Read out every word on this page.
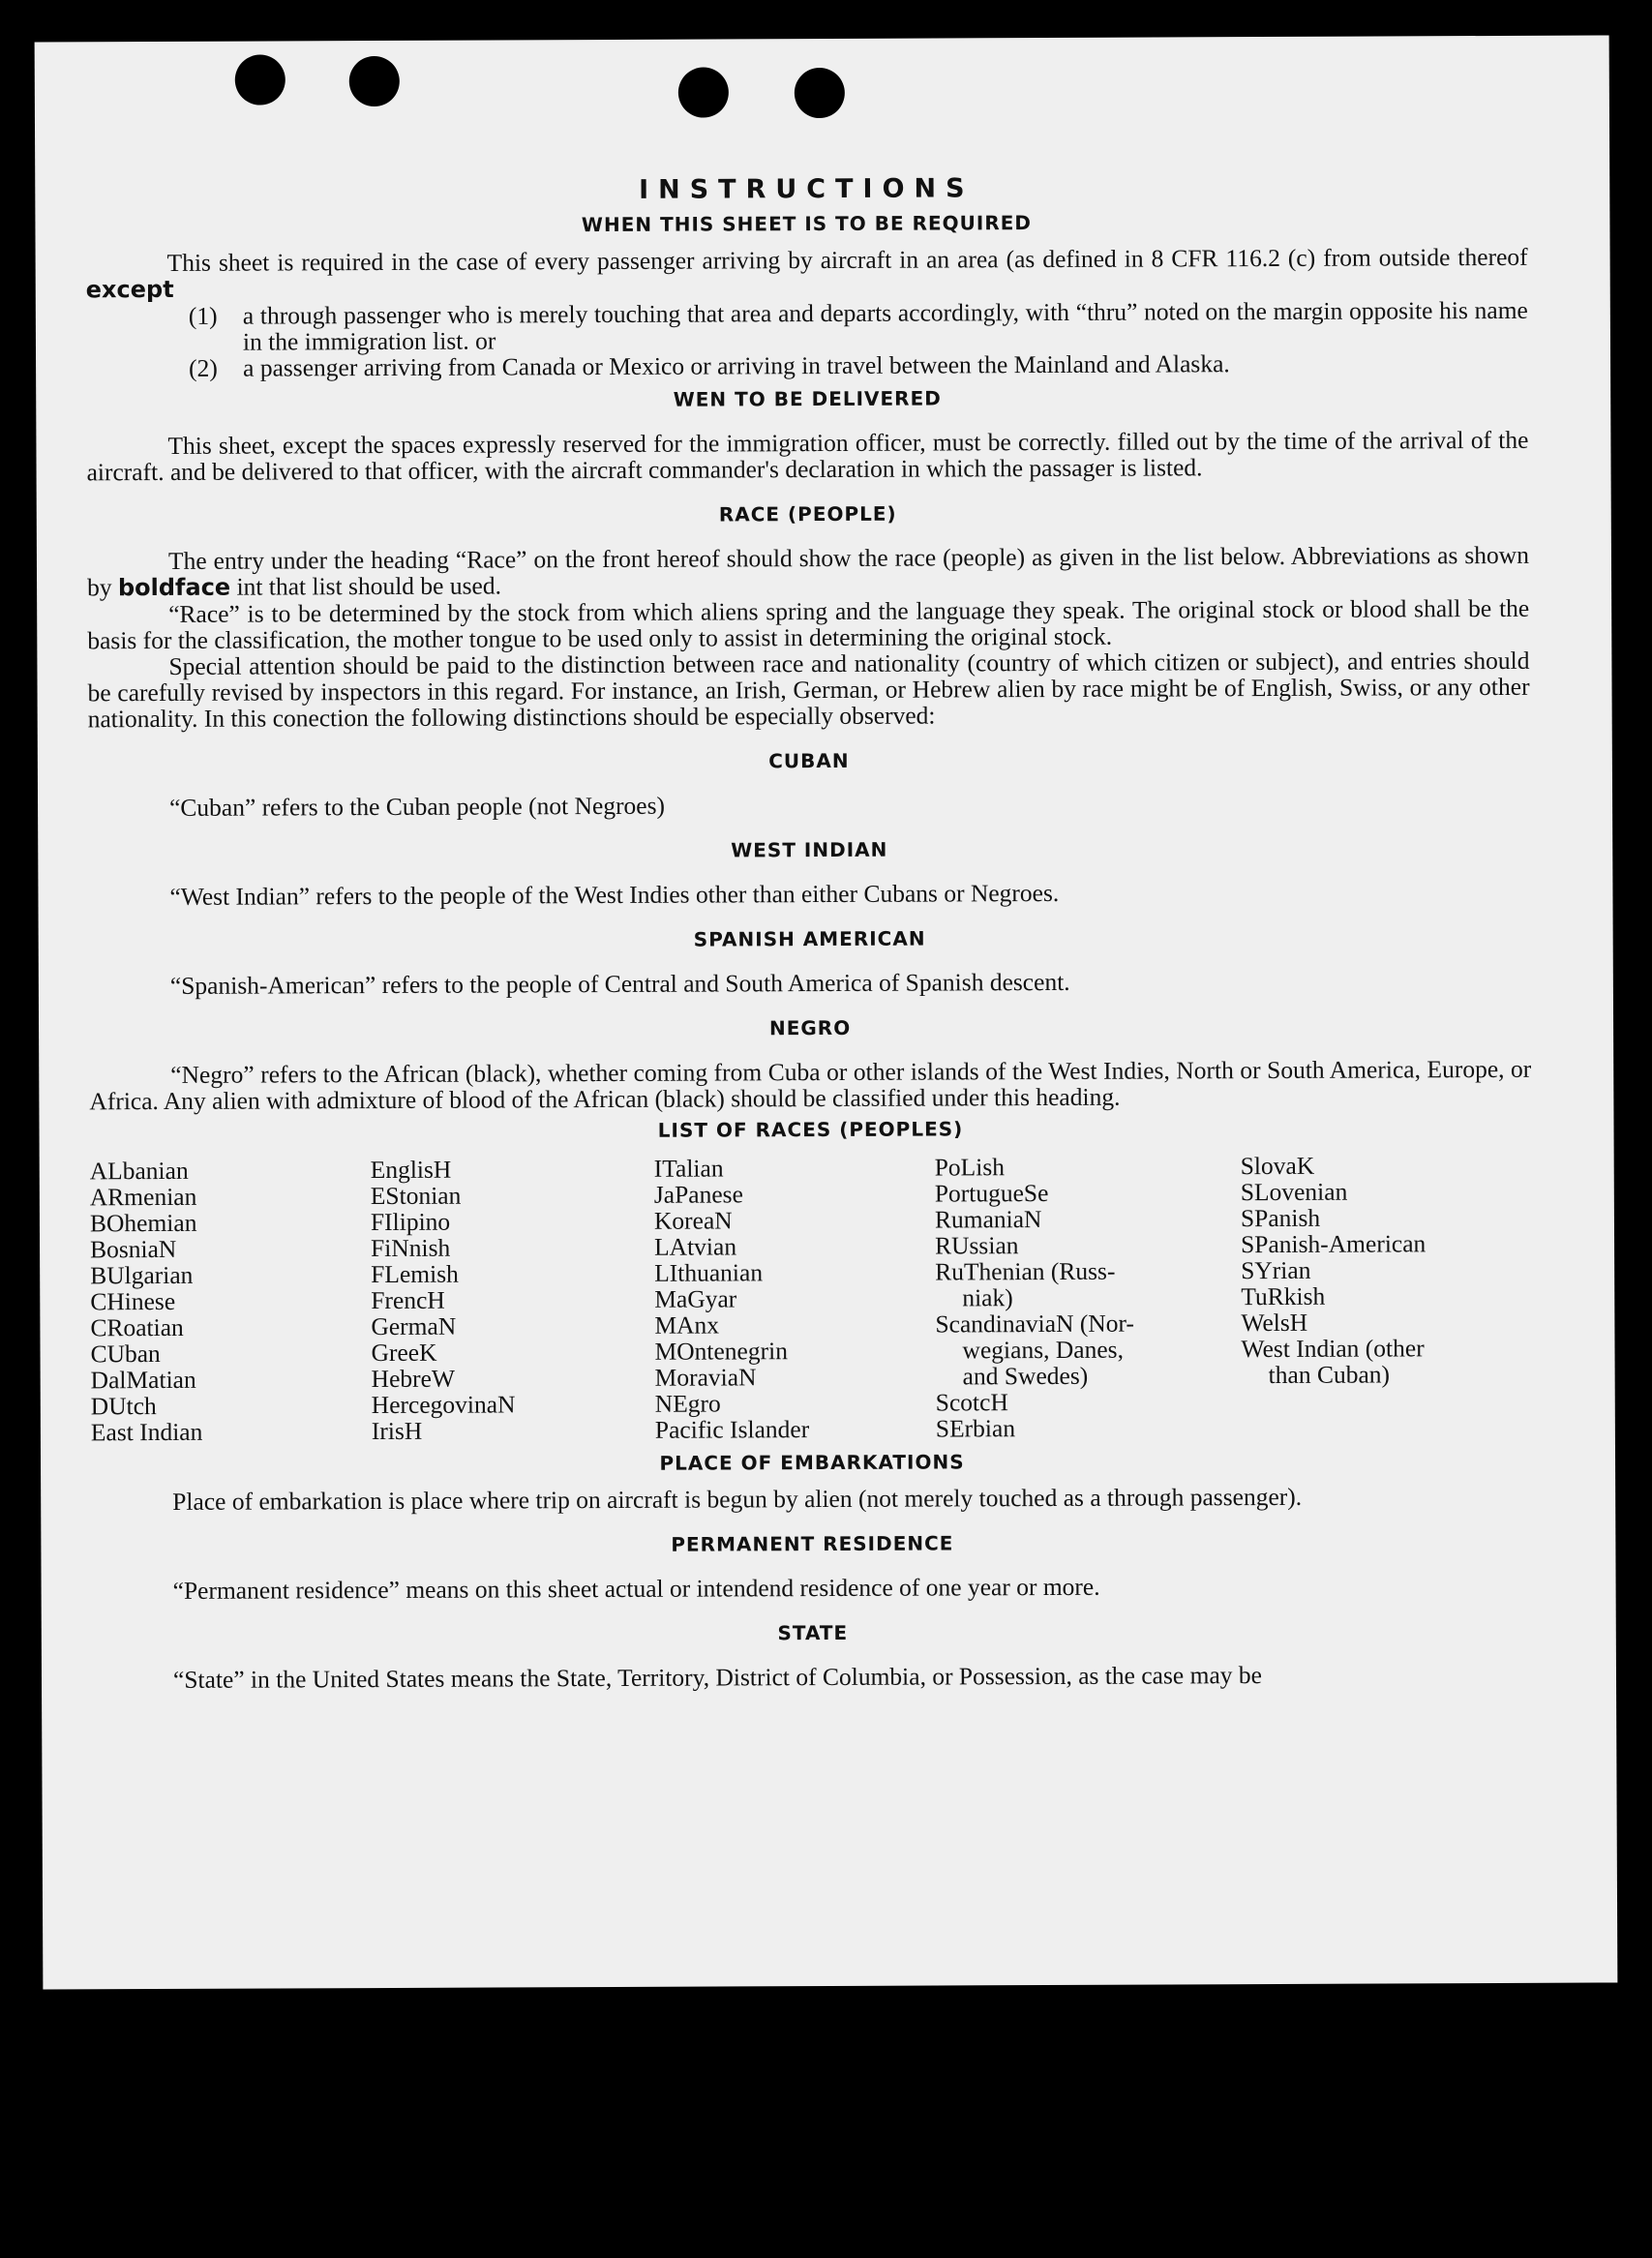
INSTRUCTIONS
WHEN THIS SHEET IS TO BE REQUIRED

This sheet is required in the case of every passenger arriving by aircraft in an area (as defined in 8 CFR 116.2 (c) from outside thereof except

(1)	a through passenger who is merely touching that area and departs accordingly, with “thru” noted on the margin opposite his name in the immigration list. or
(2)	a passenger arriving from Canada or Mexico or arriving in travel between the Mainland and Alaska.
WEN TO BE DELIVERED

This sheet, except the spaces expressly reserved for the immigration officer, must be correctly. filled out by the time of the arrival of the aircraft. and be delivered to that officer, with the aircraft commander's declaration in which the passager is listed.

RACE (PEOPLE)

The entry under the heading “Race” on the front hereof should show the race (people) as given in the list below. Abbreviations as shown by boldface int that list should be used.

“Race” is to be determined by the stock from which aliens spring and the language they speak. The original stock or blood shall be the basis for the classification, the mother tongue to be used only to assist in determining the original stock.

Special attention should be paid to the distinction between race and nationality (country of which citizen or subject), and entries should be carefully revised by inspectors in this regard. For instance, an Irish, German, or Hebrew alien by race might be of English, Swiss, or any other nationality. In this conection the following distinctions should be especially observed:

CUBAN

“Cuban” refers to the Cuban people (not Negroes)

WEST INDIAN

“West Indian” refers to the people of the West Indies other than either Cubans or Negroes.

SPANISH AMERICAN

“Spanish-American” refers to the people of Central and South America of Spanish descent.

NEGRO

“Negro” refers to the African (black), whether coming from Cuba or other islands of the West Indies, North or South America, Europe, or Africa. Any alien with admixture of blood of the African (black) should be classified under this heading.

LIST OF RACES (PEOPLES)
ALbanian
ARmenian
BOhemian
BosniaN
BUlgarian
CHinese
CRoatian
CUban
DalMatian
DUtch
East Indian
EnglisH
EStonian
FIlipino
FiNnish
FLemish
FrencH
GermaN
GreeK
HebreW
HercegovinaN
IrisH
ITalian
JaPanese
KoreaN
LAtvian
LIthuanian
MaGyar
MAnx
MOntenegrin
MoraviaN
NEgro
Pacific Islander
PoLish
PortugueSe
RumaniaN
RUssian
RuThenian (Russ-
niak)
ScandinaviaN (Nor-
wegians, Danes,
and Swedes)
ScotcH
SErbian
SlovaK
SLovenian
SPanish
SPanish-American
SYrian
TuRkish
WelsH
West Indian (other
than Cuban)
PLACE OF EMBARKATIONS

Place of embarkation is place where trip on aircraft is begun by alien (not merely touched as a through passenger).

PERMANENT RESIDENCE

“Permanent residence” means on this sheet actual or intendend residence of one year or more.

STATE

“State” in the United States means the State, Territory, District of Columbia, or Possession, as the case may be
